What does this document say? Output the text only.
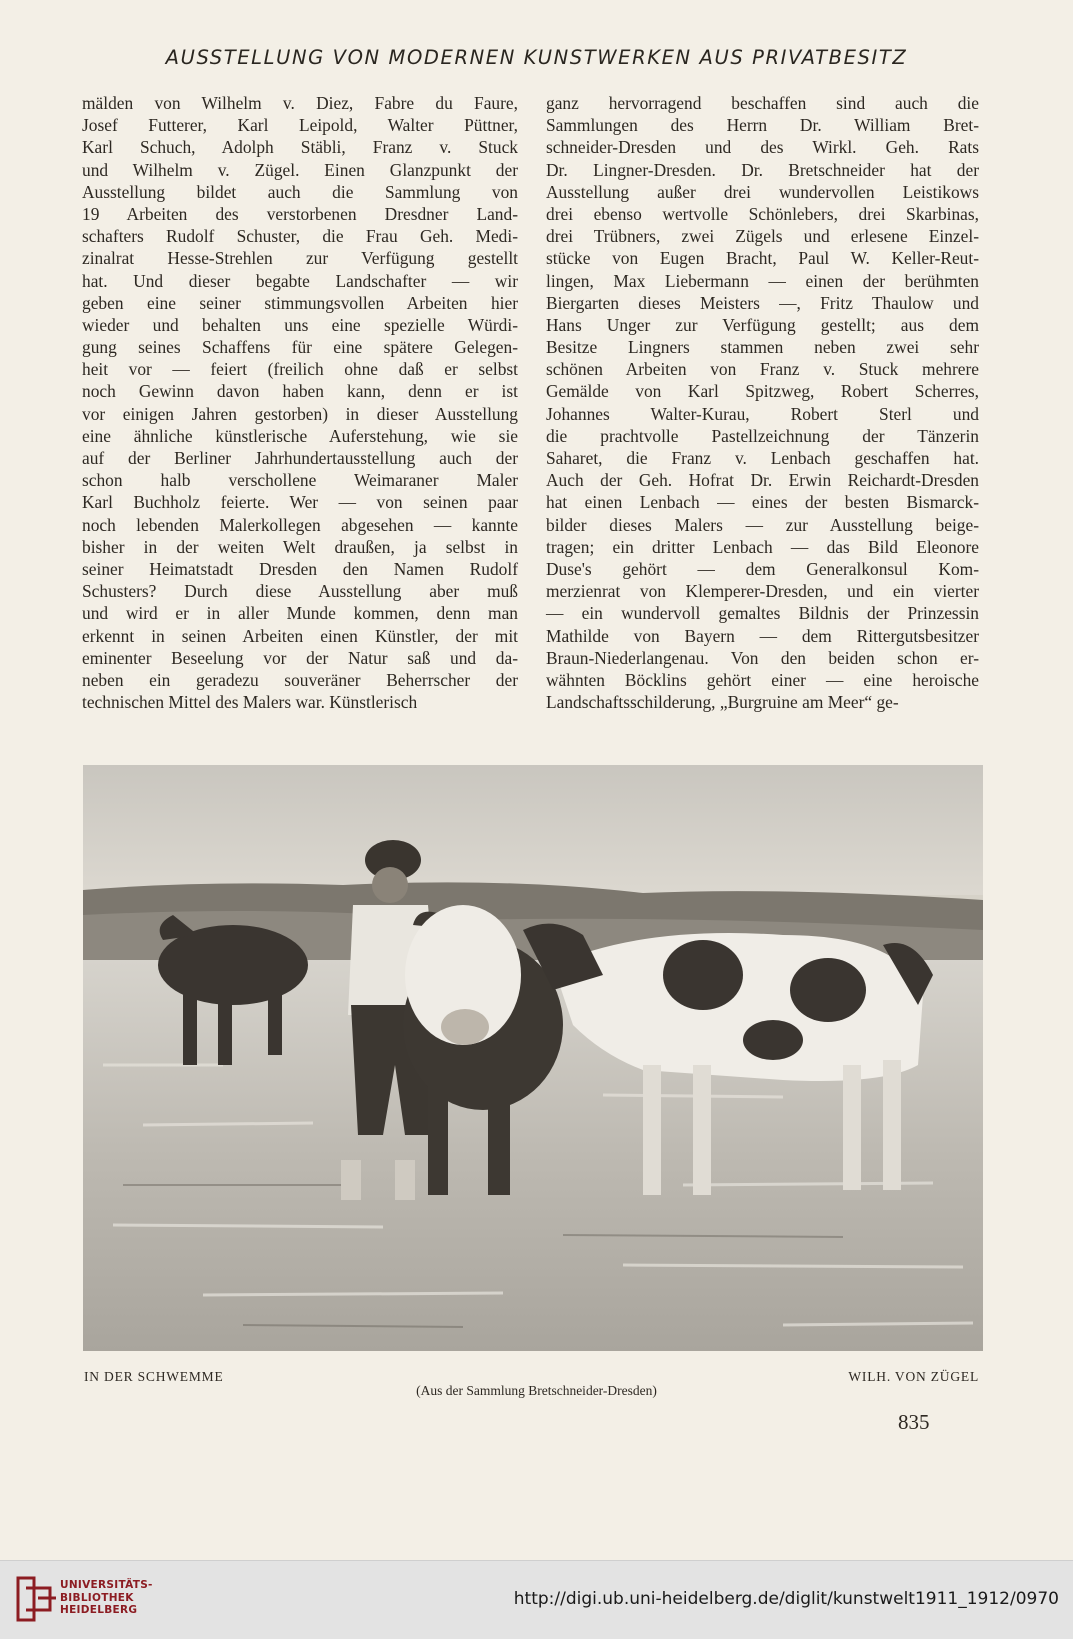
AUSSTELLUNG VON MODERNEN KUNSTWERKEN AUS PRIVATBESITZ
mälden von Wilhelm v. Diez, Fabre du Faure,
Josef Futterer, Karl Leipold, Walter Püttner,
Karl Schuch, Adolph Stäbli, Franz v. Stuck
und Wilhelm v. Zügel. Einen Glanzpunkt der
Ausstellung bildet auch die Sammlung von
19 Arbeiten des verstorbenen Dresdner Land-
schafters Rudolf Schuster, die Frau Geh. Medi-
zinalrat Hesse-Strehlen zur Verfügung gestellt
hat. Und dieser begabte Landschafter — wir
geben eine seiner stimmungsvollen Arbeiten hier
wieder und behalten uns eine spezielle Würdi-
gung seines Schaffens für eine spätere Gelegen-
heit vor — feiert (freilich ohne daß er selbst
noch Gewinn davon haben kann, denn er ist
vor einigen Jahren gestorben) in dieser Ausstellung
eine ähnliche künstlerische Auferstehung, wie sie
auf der Berliner Jahrhundertausstellung auch der
schon halb verschollene Weimaraner Maler
Karl Buchholz feierte. Wer — von seinen paar
noch lebenden Malerkollegen abgesehen — kannte
bisher in der weiten Welt draußen, ja selbst in
seiner Heimatstadt Dresden den Namen Rudolf
Schusters? Durch diese Ausstellung aber muß
und wird er in aller Munde kommen, denn man
erkennt in seinen Arbeiten einen Künstler, der mit
eminenter Beseelung vor der Natur saß und da-
neben ein geradezu souveräner Beherrscher der
technischen Mittel des Malers war. Künstlerisch
ganz hervorragend beschaffen sind auch die
Sammlungen des Herrn Dr. William Bret-
schneider-Dresden und des Wirkl. Geh. Rats
Dr. Lingner-Dresden. Dr. Bretschneider hat der
Ausstellung außer drei wundervollen Leistikows
drei ebenso wertvolle Schönlebers, drei Skarbinas,
drei Trübners, zwei Zügels und erlesene Einzel-
stücke von Eugen Bracht, Paul W. Keller-Reut-
lingen, Max Liebermann — einen der berühmten
Biergarten dieses Meisters —, Fritz Thaulow und
Hans Unger zur Verfügung gestellt; aus dem
Besitze Lingners stammen neben zwei sehr
schönen Arbeiten von Franz v. Stuck mehrere
Gemälde von Karl Spitzweg, Robert Scherres,
Johannes Walter-Kurau, Robert Sterl und
die prachtvolle Pastellzeichnung der Tänzerin
Saharet, die Franz v. Lenbach geschaffen hat.
Auch der Geh. Hofrat Dr. Erwin Reichardt-Dresden
hat einen Lenbach — eines der besten Bismarck-
bilder dieses Malers — zur Ausstellung beige-
tragen; ein dritter Lenbach — das Bild Eleonore
Duse's gehört — dem Generalkonsul Kom-
merzienrat von Klemperer-Dresden, und ein vierter
— ein wundervoll gemaltes Bildnis der Prinzessin
Mathilde von Bayern — dem Rittergutsbesitzer
Braun-Niederlangenau. Von den beiden schon er-
wähnten Böcklins gehört einer — eine heroische
Landschaftsschilderung, „Burgruine am Meer“ ge-
IN DER SCHWEMME	WILH. VON ZÜGEL
(Aus der Sammlung Bretschneider-Dresden)
835
UNIVERSITÄTS-
BIBLIOTHEK
HEIDELBERG
http://digi.ub.uni-heidelberg.de/diglit/kunstwelt1911_1912/0970
